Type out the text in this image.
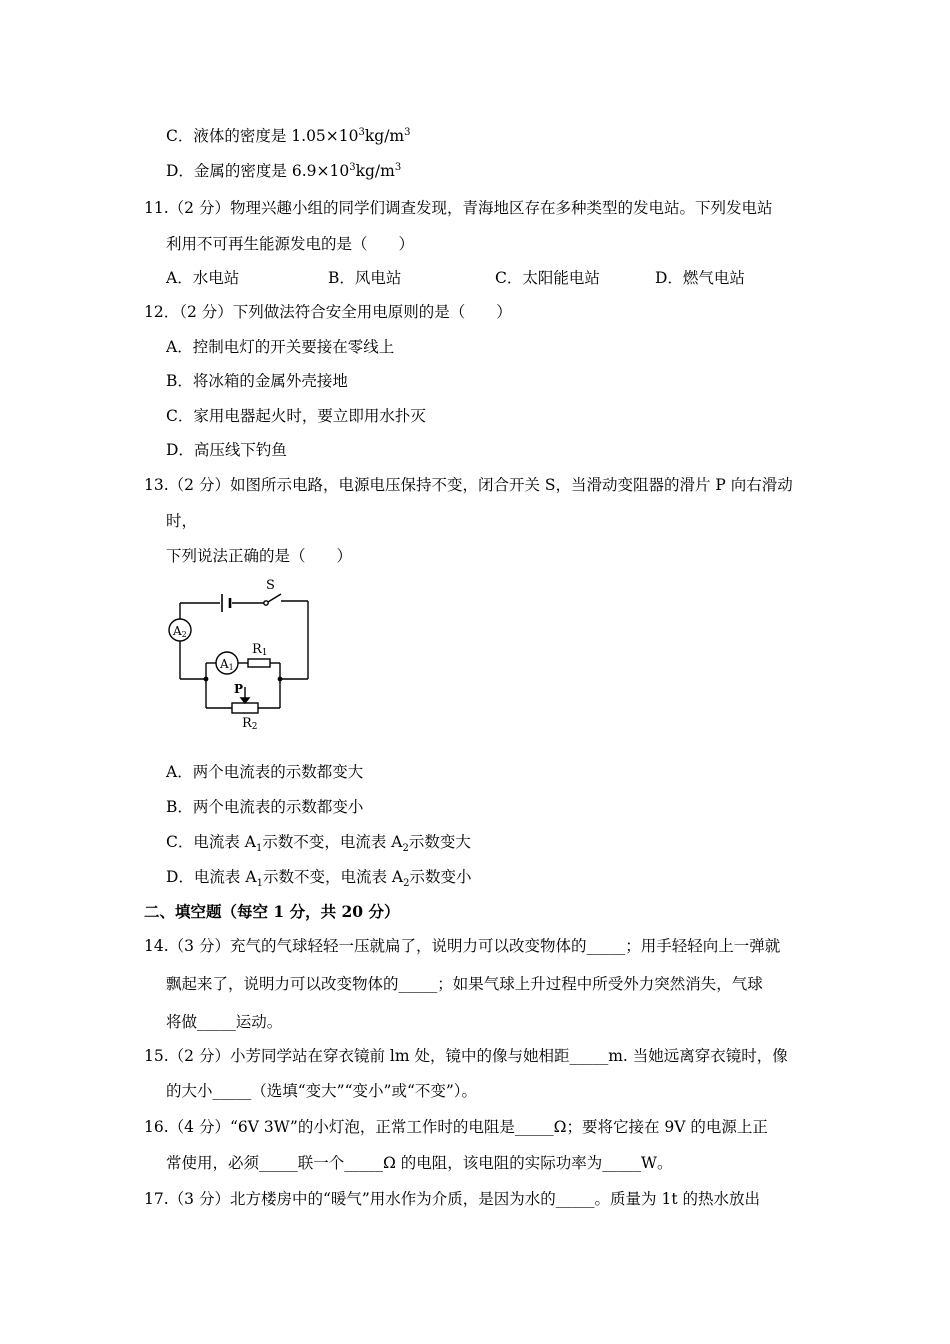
C．液体的密度是 $1.05\times 10^3kg/m^3$
D．金属的密度是 $6.9\times 10^3kg/m^3$
11.（2 分）物理兴趣小组的同学们调查发现，青海地区存在多种类型的发电站。下列发电站
利用不可再生能源发电的是（　　）
A．水电站	B．风电站	C．太阳能电站	D．燃气电站
12．（2 分）下列做法符合安全用电原则的是（　　）
A．控制电灯的开关要接在零线上
B．将冰箱的金属外壳接地
C．家用电器起火时，要立即用水扑灭
D．高压线下钓鱼
13.（2 分）如图所示电路，电源电压保持不变，闭合开关 S，当滑动变阻器的滑片 P 向右滑动
时，
下列说法正确的是（　　）
S
A2
A1
R1
P
R2
A．两个电流表的示数都变大
B．两个电流表的示数都变小
C．电流表 $A_1$示数不变，电流表 $A_2$示数变大
D．电流表 $A_1$示数不变，电流表 $A_2$示数变小
二、填空题（每空 1 分，共 20 分）
14.（3 分）充气的气球轻轻一压就扁了，说明力可以改变物体的_____；用手轻轻向上一弹就
飘起来了，说明力可以改变物体的_____；如果气球上升过程中所受外力突然消失，气球
将做_____运动。
15.（2 分）小芳同学站在穿衣镜前 lm 处，镜中的像与她相距_____m. 当她远离穿衣镜时，像
的大小_____（选填“变大”“变小”或“不变”）。
16.（4 分）“6V 3W”的小灯泡，正常工作时的电阻是_____Ω；要将它接在 9V 的电源上正
常使用，必须_____联一个_____Ω 的电阻，该电阻的实际功率为_____W。
17.（3 分）北方楼房中的“暖气”用水作为介质，是因为水的_____。质量为 1t 的热水放出
